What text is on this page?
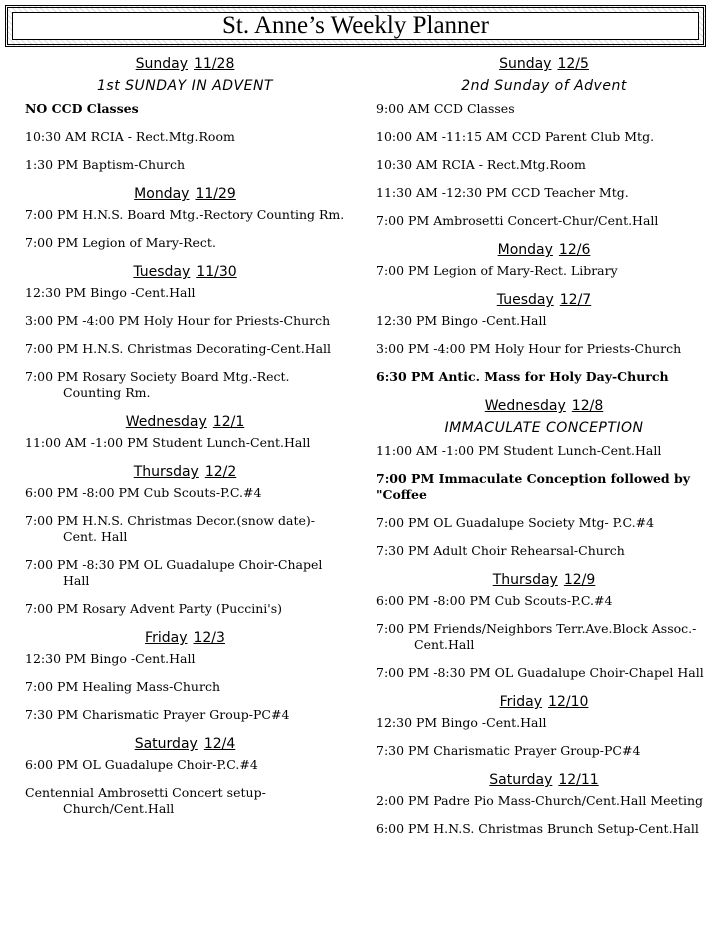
St. Anne’s Weekly Planner
Sunday 11/28
1st SUNDAY IN ADVENT
NO CCD Classes
10:30 AM RCIA - Rect.Mtg.Room
1:30 PM Baptism-Church
Monday 11/29
7:00 PM H.N.S. Board Mtg.-Rectory Counting Rm.
7:00 PM Legion of Mary-Rect.
Tuesday 11/30
12:30 PM Bingo -Cent.Hall
3:00 PM -4:00 PM Holy Hour for Priests-Church
7:00 PM H.N.S. Christmas Decorating-Cent.Hall
7:00 PM Rosary Society Board Mtg.-Rect. Counting Rm.
Wednesday 12/1
11:00 AM -1:00 PM Student Lunch-Cent.Hall
Thursday 12/2
6:00 PM -8:00 PM Cub Scouts-P.C.#4
7:00 PM H.N.S. Christmas Decor.(snow date)-Cent. Hall
7:00 PM -8:30 PM OL Guadalupe Choir-Chapel Hall
7:00 PM Rosary Advent Party (Puccini's)
Friday 12/3
12:30 PM Bingo -Cent.Hall
7:00 PM Healing Mass-Church
7:30 PM Charismatic Prayer Group-PC#4
Saturday 12/4
6:00 PM OL Guadalupe Choir-P.C.#4
Centennial Ambrosetti Concert setup-Church/Cent.Hall
Sunday 12/5
2nd Sunday of Advent
9:00 AM CCD Classes
10:00 AM -11:15 AM CCD Parent Club Mtg.
10:30 AM RCIA - Rect.Mtg.Room
11:30 AM -12:30 PM CCD Teacher Mtg.
7:00 PM Ambrosetti Concert-Chur/Cent.Hall
Monday 12/6
7:00 PM Legion of Mary-Rect. Library
Tuesday 12/7
12:30 PM Bingo -Cent.Hall
3:00 PM -4:00 PM Holy Hour for Priests-Church
6:30 PM Antic. Mass for Holy Day-Church
Wednesday 12/8
IMMACULATE CONCEPTION
11:00 AM -1:00 PM Student Lunch-Cent.Hall
7:00 PM Immaculate Conception followed by "Coffee
7:00 PM OL Guadalupe Society Mtg- P.C.#4
7:30 PM Adult Choir Rehearsal-Church
Thursday 12/9
6:00 PM -8:00 PM Cub Scouts-P.C.#4
7:00 PM Friends/Neighbors Terr.Ave.Block Assoc.-Cent.Hall
7:00 PM -8:30 PM OL Guadalupe Choir-Chapel Hall
Friday 12/10
12:30 PM Bingo -Cent.Hall
7:30 PM Charismatic Prayer Group-PC#4
Saturday 12/11
2:00 PM Padre Pio Mass-Church/Cent.Hall Meeting
6:00 PM H.N.S. Christmas Brunch Setup-Cent.Hall
